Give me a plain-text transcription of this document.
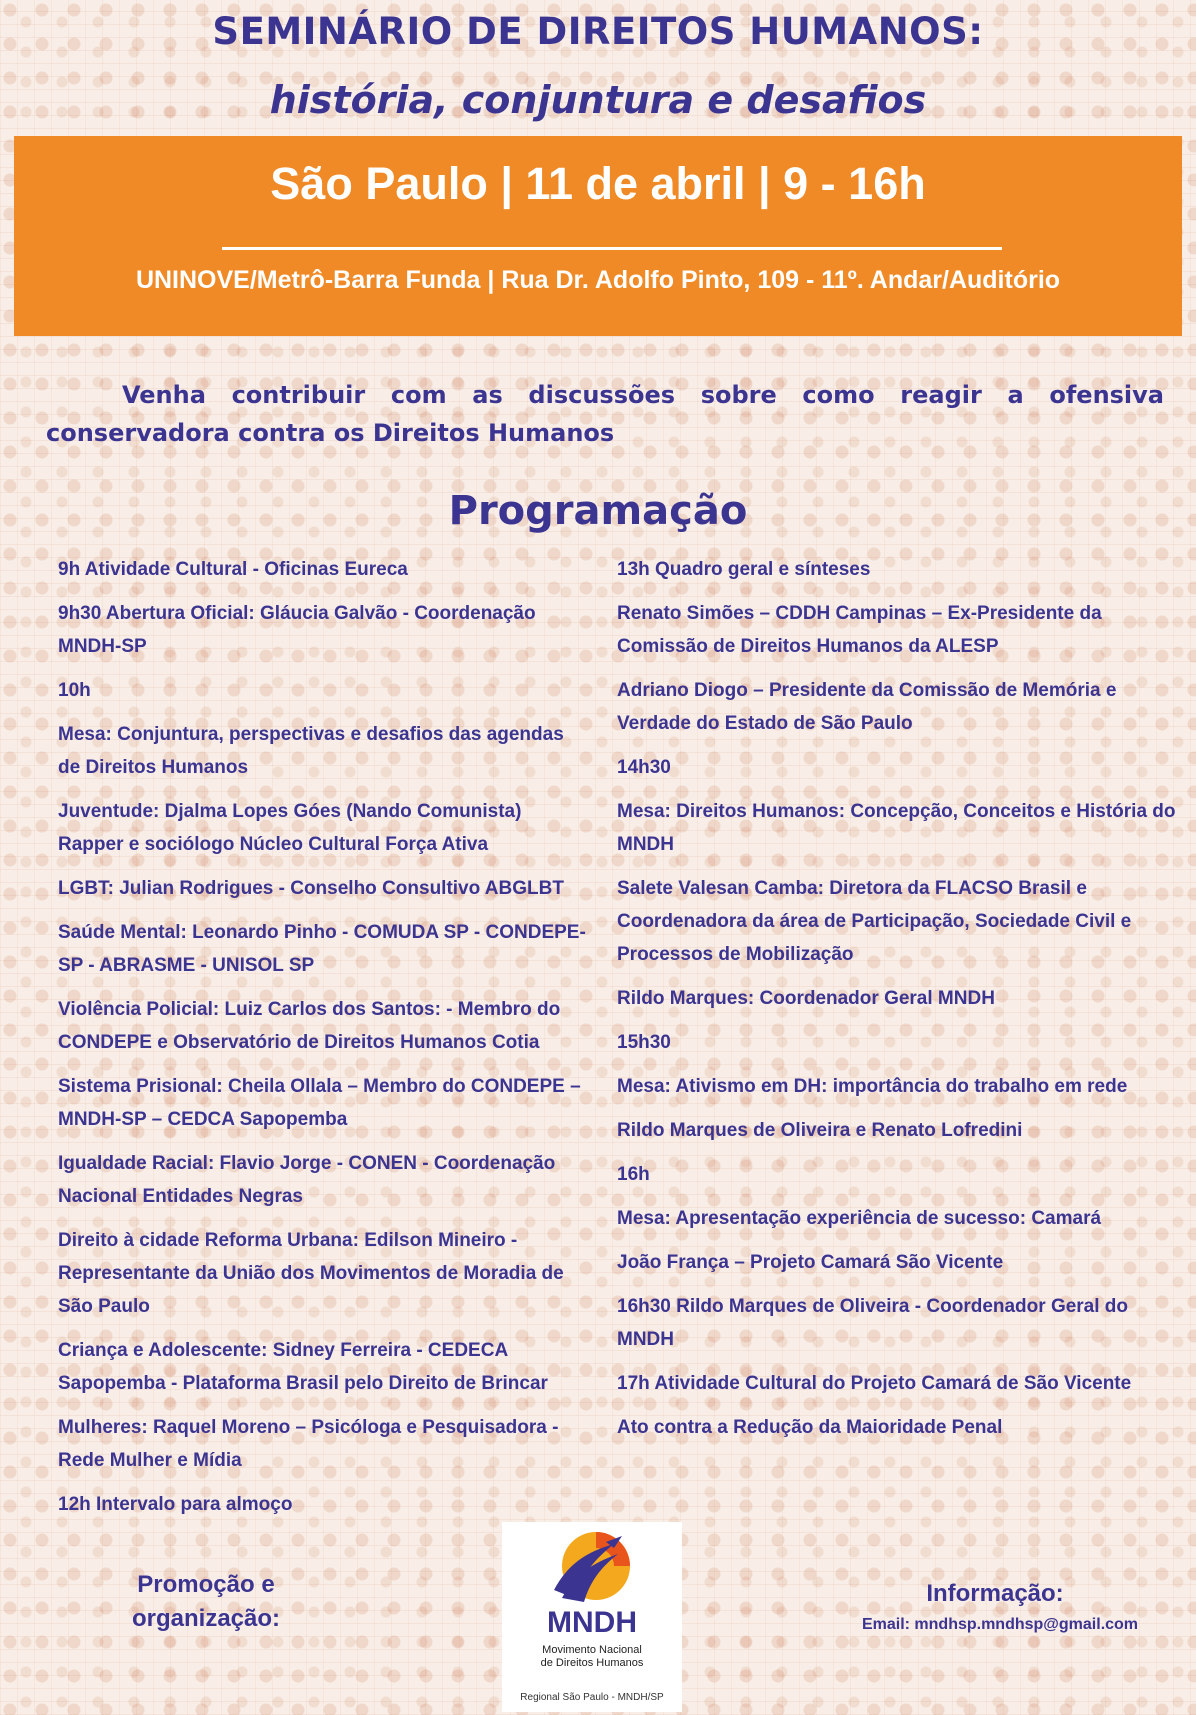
SEMINÁRIO DE DIREITOS HUMANOS:
história, conjuntura e desafios
São Paulo | 11 de abril | 9 - 16h
UNINOVE/Metrô-Barra Funda | Rua Dr. Adolfo Pinto, 109 - 11º. Andar/Auditório
Venha contribuir com as discussões sobre como reagir a ofensiva conservadora contra os Direitos Humanos
Programação

9h Atividade Cultural - Oficinas Eureca

9h30 Abertura Oficial: Gláucia Galvão - Coordenação MNDH-SP

10h

Mesa: Conjuntura, perspectivas e desafios das agendas de Direitos Humanos

Juventude: Djalma Lopes Góes (Nando Comunista) Rapper e sociólogo Núcleo Cultural Força Ativa

LGBT: Julian Rodrigues - Conselho Consultivo ABGLBT

Saúde Mental: Leonardo Pinho - COMUDA SP - CONDEPE-SP - ABRASME - UNISOL SP

Violência Policial: Luiz Carlos dos Santos: - Membro do CONDEPE e Observatório de Direitos Humanos Cotia

Sistema Prisional: Cheila Ollala – Membro do CONDEPE – MNDH-SP – CEDCA Sapopemba

Igualdade Racial: Flavio Jorge - CONEN - Coordenação Nacional Entidades Negras

Direito à cidade Reforma Urbana: Edilson Mineiro - Representante da União dos Movimentos de Moradia de São Paulo

Criança e Adolescente: Sidney Ferreira - CEDECA Sapopemba - Plataforma Brasil pelo Direito de Brincar

Mulheres: Raquel Moreno – Psicóloga e Pesquisadora - Rede Mulher e Mídia

12h Intervalo para almoço

13h Quadro geral e sínteses

Renato Simões – CDDH Campinas – Ex-Presidente da Comissão de Direitos Humanos da ALESP

Adriano Diogo – Presidente da Comissão de Memória e Verdade do Estado de São Paulo

14h30

Mesa: Direitos Humanos: Concepção, Conceitos e História do MNDH

Salete Valesan Camba: Diretora da FLACSO Brasil e Coordenadora da área de Participação, Sociedade Civil e Processos de Mobilização

Rildo Marques: Coordenador Geral MNDH

15h30

Mesa: Ativismo em DH: importância do trabalho em rede

Rildo Marques de Oliveira e Renato Lofredini

16h

Mesa: Apresentação experiência de sucesso: Camará

João França – Projeto Camará São Vicente

16h30 Rildo Marques de Oliveira - Coordenador Geral do MNDH

17h Atividade Cultural do Projeto Camará de São Vicente

Ato contra a Redução da Maioridade Penal

Promoção e
organização:	MNDH
Movimento Nacional
de Direitos Humanos
Regional São Paulo - MNDH/SP
Informação:
Email: mndhsp.mndhsp@gmail.com
